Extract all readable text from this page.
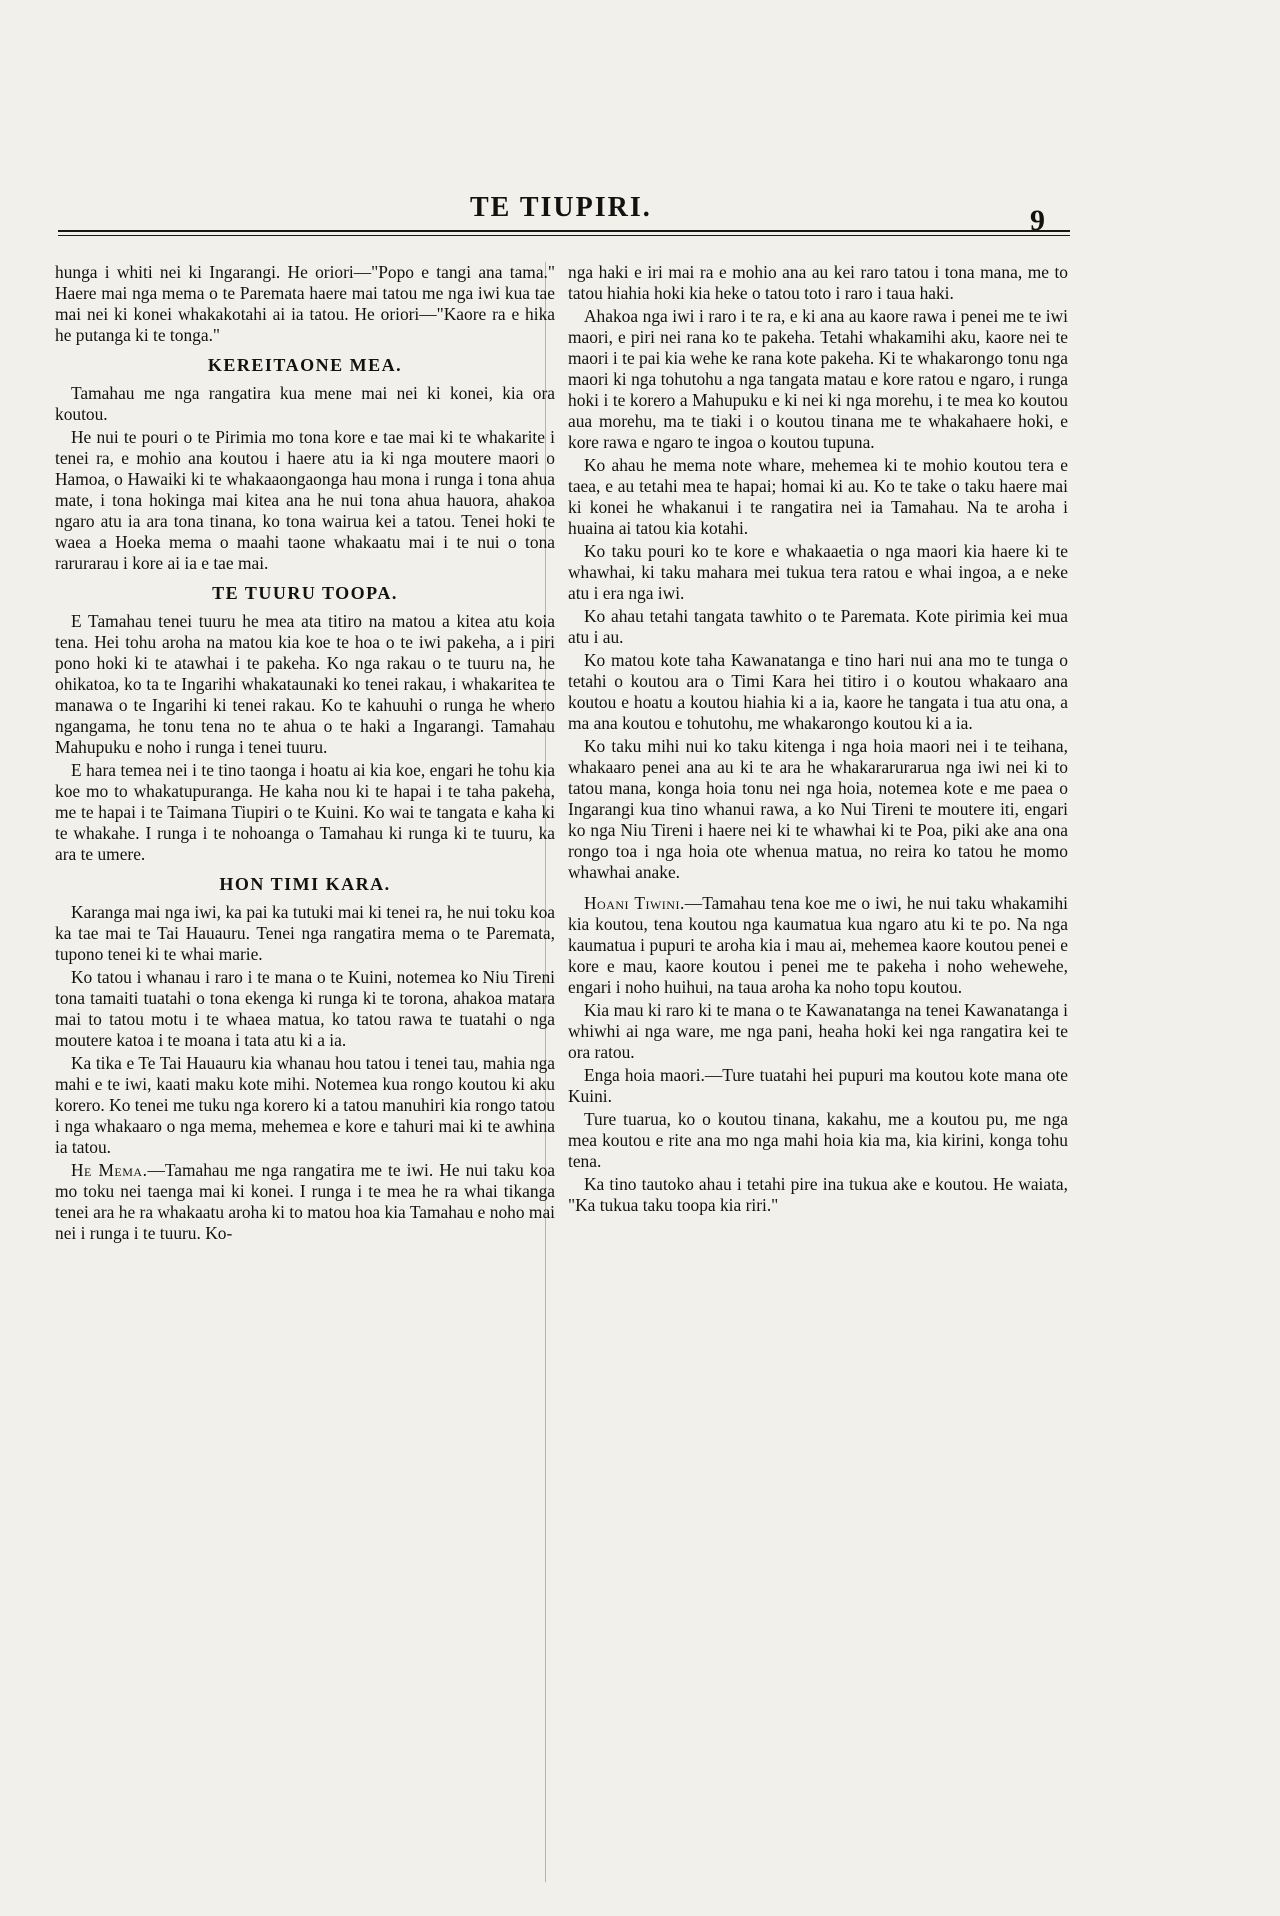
TE TIUPIRI.	9

hunga i whiti nei ki Ingarangi. He oriori—"Popo e tangi ana tama." Haere mai nga mema o te Paremata haere mai tatou me nga iwi kua tae mai nei ki konei whakakotahi ai ia tatou. He oriori—"Kaore ra e hika he putanga ki te tonga."

KEREITAONE MEA.

Tamahau me nga rangatira kua mene mai nei ki konei, kia ora koutou.

He nui te pouri o te Pirimia mo tona kore e tae mai ki te whakarite i tenei ra, e mohio ana koutou i haere atu ia ki nga moutere maori o Hamoa, o Hawaiki ki te whakaaongaonga hau mona i runga i tona ahua mate, i tona hokinga mai kitea ana he nui tona ahua hauora, ahakoa ngaro atu ia ara tona tinana, ko tona wairua kei a tatou. Tenei hoki te waea a Hoeka mema o maahi taone whakaatu mai i te nui o tona rarurarau i kore ai ia e tae mai.

TE TUURU TOOPA.

E Tamahau tenei tuuru he mea ata titiro na matou a kitea atu koia tena. Hei tohu aroha na matou kia koe te hoa o te iwi pakeha, a i piri pono hoki ki te atawhai i te pakeha. Ko nga rakau o te tuuru na, he ohikatoa, ko ta te Ingarihi whakataunaki ko tenei rakau, i whakaritea te manawa o te Ingarihi ki tenei rakau. Ko te kahuuhi o runga he whero ngangama, he tonu tena no te ahua o te haki a Ingarangi. Tamahau Mahupuku e noho i runga i tenei tuuru.

E hara temea nei i te tino taonga i hoatu ai kia koe, engari he tohu kia koe mo to whakatupuranga. He kaha nou ki te hapai i te taha pakeha, me te hapai i te Taimana Tiupiri o te Kuini. Ko wai te tangata e kaha ki te whakahe. I runga i te nohoanga o Tamahau ki runga ki te tuuru, ka ara te umere.

HON TIMI KARA.

Karanga mai nga iwi, ka pai ka tutuki mai ki tenei ra, he nui toku koa ka tae mai te Tai Hauauru. Tenei nga rangatira mema o te Paremata, tupono tenei ki te whai marie.

Ko tatou i whanau i raro i te mana o te Kuini, notemea ko Niu Tireni tona tamaiti tuatahi o tona ekenga ki runga ki te torona, ahakoa matara mai to tatou motu i te whaea matua, ko tatou rawa te tuatahi o nga moutere katoa i te moana i tata atu ki a ia.

Ka tika e Te Tai Hauauru kia whanau hou tatou i tenei tau, mahia nga mahi e te iwi, kaati maku kote mihi. Notemea kua rongo koutou ki aku korero. Ko tenei me tuku nga korero ki a tatou manuhiri kia rongo tatou i nga whakaaro o nga mema, mehemea e kore e tahuri mai ki te awhina ia tatou.

He Mema.—Tamahau me nga rangatira me te iwi. He nui taku koa mo toku nei taenga mai ki konei. I runga i te mea he ra whai tikanga tenei ara he ra whakaatu aroha ki to matou hoa kia Tamahau e noho mai nei i runga i te tuuru. Ko-

nga haki e iri mai ra e mohio ana au kei raro tatou i tona mana, me to tatou hiahia hoki kia heke o tatou toto i raro i taua haki.

Ahakoa nga iwi i raro i te ra, e ki ana au kaore rawa i penei me te iwi maori, e piri nei rana ko te pakeha. Tetahi whakamihi aku, kaore nei te maori i te pai kia wehe ke rana kote pakeha. Ki te whakarongo tonu nga maori ki nga tohutohu a nga tangata matau e kore ratou e ngaro, i runga hoki i te korero a Mahupuku e ki nei ki nga morehu, i te mea ko koutou aua morehu, ma te tiaki i o koutou tinana me te whakahaere hoki, e kore rawa e ngaro te ingoa o koutou tupuna.

Ko ahau he mema note whare, mehemea ki te mohio koutou tera e taea, e au tetahi mea te hapai; homai ki au. Ko te take o taku haere mai ki konei he whakanui i te rangatira nei ia Tamahau. Na te aroha i huaina ai tatou kia kotahi.

Ko taku pouri ko te kore e whakaaetia o nga maori kia haere ki te whawhai, ki taku mahara mei tukua tera ratou e whai ingoa, a e neke atu i era nga iwi.

Ko ahau tetahi tangata tawhito o te Paremata. Kote pirimia kei mua atu i au.

Ko matou kote taha Kawanatanga e tino hari nui ana mo te tunga o tetahi o koutou ara o Timi Kara hei titiro i o koutou whakaaro ana koutou e hoatu a koutou hiahia ki a ia, kaore he tangata i tua atu ona, a ma ana koutou e tohutohu, me whakarongo koutou ki a ia.

Ko taku mihi nui ko taku kitenga i nga hoia maori nei i te teihana, whakaaro penei ana au ki te ara he whakararurarua nga iwi nei ki to tatou mana, konga hoia tonu nei nga hoia, notemea kote e me paea o Ingarangi kua tino whanui rawa, a ko Nui Tireni te moutere iti, engari ko nga Niu Tireni i haere nei ki te whawhai ki te Poa, piki ake ana ona rongo toa i nga hoia ote whenua matua, no reira ko tatou he momo whawhai anake.

Hoani Tiwini.—Tamahau tena koe me o iwi, he nui taku whakamihi kia koutou, tena koutou nga kaumatua kua ngaro atu ki te po. Na nga kaumatua i pupuri te aroha kia i mau ai, mehemea kaore koutou penei e kore e mau, kaore koutou i penei me te pakeha i noho wehewehe, engari i noho huihui, na taua aroha ka noho topu koutou.

Kia mau ki raro ki te mana o te Kawanatanga na tenei Kawanatanga i whiwhi ai nga ware, me nga pani, heaha hoki kei nga rangatira kei te ora ratou.

Enga hoia maori.—Ture tuatahi hei pupuri ma koutou kote mana ote Kuini.

Ture tuarua, ko o koutou tinana, kakahu, me a koutou pu, me nga mea koutou e rite ana mo nga mahi hoia kia ma, kia kirini, konga tohu tena.

Ka tino tautoko ahau i tetahi pire ina tukua ake e koutou. He waiata, "Ka tukua taku toopa kia riri."
